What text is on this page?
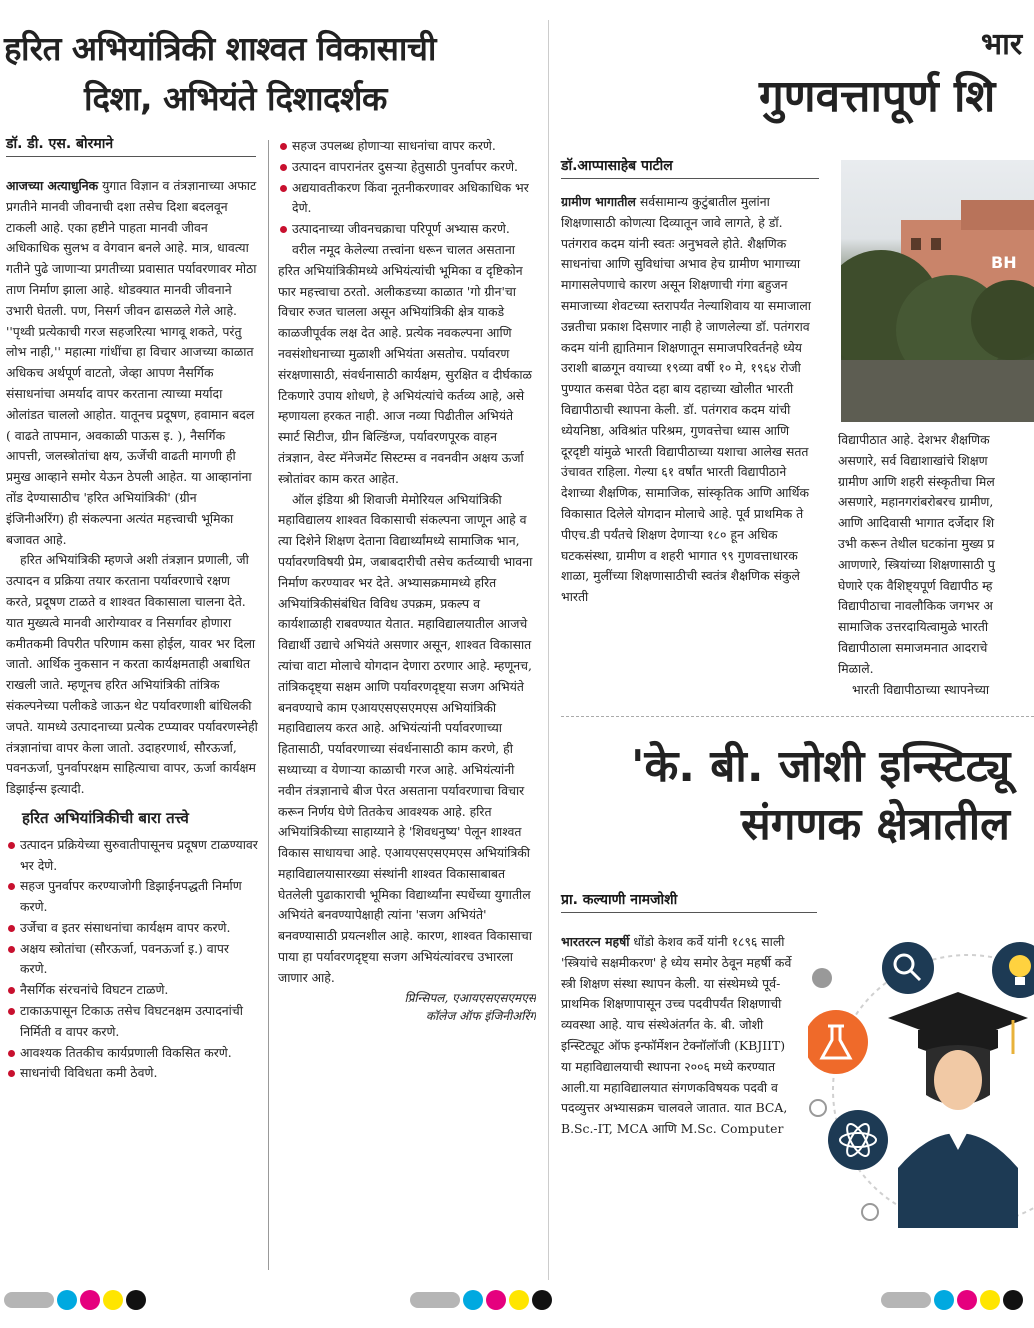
हरित अभियांत्रिकी शाश्वत विकासाची
दिशा, अभियंते दिशादर्शक
डॉ. डी. एस. बोरमाने

आजच्या अत्याधुनिक युगात विज्ञान व तंत्रज्ञानाच्या अफाट प्रगतीने मानवी जीवनाची दशा तसेच दिशा बदलवून टाकली आहे. एका हष्टीने पाहता मानवी जीवन अधिकाधिक सुलभ व वेगवान बनले आहे. मात्र, धावत्या गतीने पुढे जाणाऱ्या प्रगतीच्या प्रवासात पर्यावरणावर मोठा ताण निर्माण झाला आहे. थोडक्यात मानवी जीवनाने उभारी घेतली. पण, निसर्ग जीवन ढासळले गेले आहे. ''पृथ्वी प्रत्येकाची गरज सहजरित्या भागवू शकते, परंतु लोभ नाही,'' महात्मा गांधींचा हा विचार आजच्या काळात अधिकच अर्थपूर्ण वाटतो, जेव्हा आपण नैसर्गिक संसाधनांचा अमर्याद वापर करताना त्याच्या मर्यादा ओलांडत चाललो आहोत. यातूनच प्रदूषण, हवामान बदल ( वाढते तापमान, अवकाळी पाऊस इ. ), नैसर्गिक आपत्ती, जलस्त्रोतांचा क्षय, ऊर्जेची वाढती मागणी ही प्रमुख आव्हाने समोर येऊन ठेपली आहेत. या आव्हानांना तोंड देण्यासाठीच 'हरित अभियांत्रिकी' (ग्रीन इंजिनीअरिंग) ही संकल्पना अत्यंत महत्त्वाची भूमिका बजावत आहे.

हरित अभियांत्रिकी म्हणजे अशी तंत्रज्ञान प्रणाली, जी उत्पादन व प्रक्रिया तयार करताना पर्यावरणाचे रक्षण करते, प्रदूषण टाळते व शाश्वत विकासाला चालना देते. यात मुख्यत्वे मानवी आरोग्यावर व निसर्गावर होणारा कमीतकमी विपरीत परिणाम कसा होईल, यावर भर दिला जातो. आर्थिक नुकसान न करता कार्यक्षमताही अबाधित राखली जाते. म्हणूनच हरित अभियांत्रिकी तांत्रिक संकल्पनेच्या पलीकडे जाऊन थेट पर्यावरणाशी बांधिलकी जपते. यामध्ये उत्पादनाच्या प्रत्येक टप्प्यावर पर्यावरणस्नेही तंत्रज्ञानांचा वापर केला जातो. उदाहरणार्थ, सौरऊर्जा, पवनऊर्जा, पुनर्वापरक्षम साहित्याचा वापर, ऊर्जा कार्यक्षम डिझाईन्स इत्यादी.

हरित अभियांत्रिकीची बारा तत्त्वे
उत्पादन प्रक्रियेच्या सुरुवातीपासूनच प्रदूषण टाळण्यावर भर देणे.
सहज पुनर्वापर करण्याजोगी डिझाईनपद्धती निर्माण करणे.
उर्जेचा व इतर संसाधनांचा कार्यक्षम वापर करणे.
अक्षय स्त्रोतांचा (सौरऊर्जा, पवनऊर्जा इ.) वापर करणे.
नैसर्गिक संरचनांचे विघटन टाळणे.
टाकाऊपासून टिकाऊ तसेच विघटनक्षम उत्पादनांची निर्मिती व वापर करणे.
आवश्यक तितकीच कार्यप्रणाली विकसित करणे.
साधनांची विविधता कमी ठेवणे.
सहज उपलब्ध होणाऱ्या साधनांचा वापर करणे.
उत्पादन वापरानंतर दुसऱ्या हेतुसाठी पुनर्वापर करणे.
अद्ययावतीकरण किंवा नूतनीकरणावर अधिकाधिक भर देणे.
उत्पादनाच्या जीवनचक्राचा परिपूर्ण अभ्यास करणे.

वरील नमूद केलेल्या तत्त्वांना धरून चालत असताना हरित अभियांत्रिकीमध्ये अभियंत्यांची भूमिका व दृष्टिकोन फार महत्त्वाचा ठरतो. अलीकडच्या काळात 'गो ग्रीन'चा विचार रुजत चालला असून अभियांत्रिकी क्षेत्र याकडे काळजीपूर्वक लक्ष देत आहे. प्रत्येक नवकल्पना आणि नवसंशोधनाच्या मुळाशी अभियंता असतोच. पर्यावरण संरक्षणासाठी, संवर्धनासाठी कार्यक्षम, सुरक्षित व दीर्घकाळ टिकणारे उपाय शोधणे, हे अभियंत्यांचे कर्तव्य आहे, असे म्हणायला हरकत नाही. आज नव्या पिढीतील अभियंते स्मार्ट सिटीज, ग्रीन बिल्डिंग्ज, पर्यावरणपूरक वाहन तंत्रज्ञान, वेस्ट मॅनेजमेंट सिस्टम्स व नवनवीन अक्षय ऊर्जा स्त्रोतांवर काम करत आहेत.

ऑल इंडिया श्री शिवाजी मेमोरियल अभियांत्रिकी महाविद्यालय शाश्वत विकासाची संकल्पना जाणून आहे व त्या दिशेने शिक्षण देताना विद्यार्थ्यांमध्ये सामाजिक भान, पर्यावरणविषयी प्रेम, जबाबदारीची तसेच कर्तव्याची भावना निर्माण करण्यावर भर देते. अभ्यासक्रमामध्ये हरित अभियांत्रिकीसंबंधित विविध उपक्रम, प्रकल्प व कार्यशाळाही राबवण्यात येतात. महाविद्यालयातील आजचे विद्यार्थी उद्याचे अभियंते असणार असून, शाश्वत विकासात त्यांचा वाटा मोलाचे योगदान देणारा ठरणार आहे. म्हणूनच, तांत्रिकदृष्ट्या सक्षम आणि पर्यावरणदृष्ट्या सजग अभियंते बनवण्याचे काम एआयएसएसएमएस अभियांत्रिकी महाविद्यालय करत आहे. अभियंत्यांनी पर्यावरणाच्या हितासाठी, पर्यावरणाच्या संवर्धनासाठी काम करणे, ही सध्याच्या व येणाऱ्या काळाची गरज आहे. अभियंत्यांनी नवीन तंत्रज्ञानाचे बीज पेरत असताना पर्यावरणाचा विचार करून निर्णय घेणे तितकेच आवश्यक आहे. हरित अभियांत्रिकीच्या साहाय्याने हे 'शिवधनुष्य' पेलून शाश्वत विकास साधायचा आहे. एआयएसएसएमएस अभियांत्रिकी महाविद्यालयासारख्या संस्थांनी शाश्वत विकासाबाबत घेतलेली पुढाकाराची भूमिका विद्यार्थ्यांना स्पर्धेच्या युगातील अभियंते बनवण्यापेक्षाही त्यांना 'सजग अभियंते' बनवण्यासाठी प्रयत्नशील आहे. कारण, शाश्वत विकासाचा पाया हा पर्यावरणदृष्ट्या सजग अभियंत्यांवरच उभारला जाणार आहे.

प्रिन्सिपल, एआयएसएसएमएस
कॉलेज ऑफ इंजिनीअरिंग
भार
गुणवत्तापूर्ण शि
डॉ.आप्पासाहेब पाटील

ग्रामीण भागातील सर्वसामान्य कुटुंबातील मुलांना शिक्षणासाठी कोणत्या दिव्यातून जावे लागते, हे डॉ. पतंगराव कदम यांनी स्वतः अनुभवले होते. शैक्षणिक साधनांचा आणि सुविधांचा अभाव हेच ग्रामीण भागाच्या मागासलेपणाचे कारण असून शिक्षणाची गंगा बहुजन समाजाच्या शेवटच्या स्तरापर्यंत नेल्याशिवाय या समाजाला उन्नतीचा प्रकाश दिसणार नाही हे जाणलेल्या डॉ. पतंगराव कदम यांनी ह्यातिमान शिक्षणातून समाजपरिवर्तनहे ध्येय उराशी बाळगून वयाच्या १९व्या वर्षी १० मे, १९६४ रोजी पुण्यात कसबा पेठेत दहा बाय दहाच्या खोलीत भारती विद्यापीठाची स्थापना केली. डॉ. पतंगराव कदम यांची ध्येयनिष्ठा, अविश्रांत परिश्रम, गुणवत्तेचा ध्यास आणि दूरदृष्टी यांमुळे भारती विद्यापीठाच्या यशाचा आलेख सतत उंचावत राहिला. गेल्या ६१ वर्षांत भारती विद्यापीठाने देशाच्या शैक्षणिक, सामाजिक, सांस्कृतिक आणि आर्थिक विकासात दिलेले योगदान मोलाचे आहे. पूर्व प्राथमिक ते पीएच.डी पर्यंतचे शिक्षण देणाऱ्या १८० हून अधिक घटकसंस्था, ग्रामीण व शहरी भागात ९९ गुणवत्ताधारक शाळा, मुलींच्या शिक्षणासाठीची स्वतंत्र शैक्षणिक संकुले भारती

BH
विद्यापीठात आहे. देशभर शैक्षणिक
असणारे, सर्व विद्याशाखांचे शिक्षण
ग्रामीण आणि शहरी संस्कृतीचा मिल
असणारे, महानगरांबरोबरच ग्रामीण,
आणि आदिवासी भागात दर्जेदार शि
उभी करून तेथील घटकांना मुख्य प्र
आणणारे, स्त्रियांच्या शिक्षणासाठी पु
घेणारे एक वैशिष्ट्यपूर्ण विद्यापीठ म्ह
विद्यापीठाचा नावलौकिक जगभर अ
सामाजिक उत्तरदायित्वामुळे भारती
विद्यापीठाला समाजमनात आदराचे
मिळाले.
भारती विद्यापीठाच्या स्थापनेच्या
'के. बी. जोशी इन्स्टिट्यू
संगणक क्षेत्रातील
प्रा. कल्याणी नामजोशी

भारतरत्न महर्षी धोंडो केशव कर्वे यांनी १८९६ साली 'स्त्रियांचे सक्षमीकरण' हे ध्येय समोर ठेवून महर्षी कर्वे स्त्री शिक्षण संस्था स्थापन केली. या संस्थेमध्ये पूर्व-प्राथमिक शिक्षणापासून उच्च पदवीपर्यंत शिक्षणाची व्यवस्था आहे. याच संस्थेअंतर्गत के. बी. जोशी इन्स्टिट्यूट ऑफ इन्फॉर्मेशन टेक्नॉलॉजी (KBJIIT) या महाविद्यालयाची स्थापना २००६ मध्ये करण्यात आली.या महाविद्यालयात संगणकविषयक पदवी व पदव्युत्तर अभ्यासक्रम चालवले जातात. यात BCA, B.Sc.-IT, MCA आणि M.Sc. Computer
